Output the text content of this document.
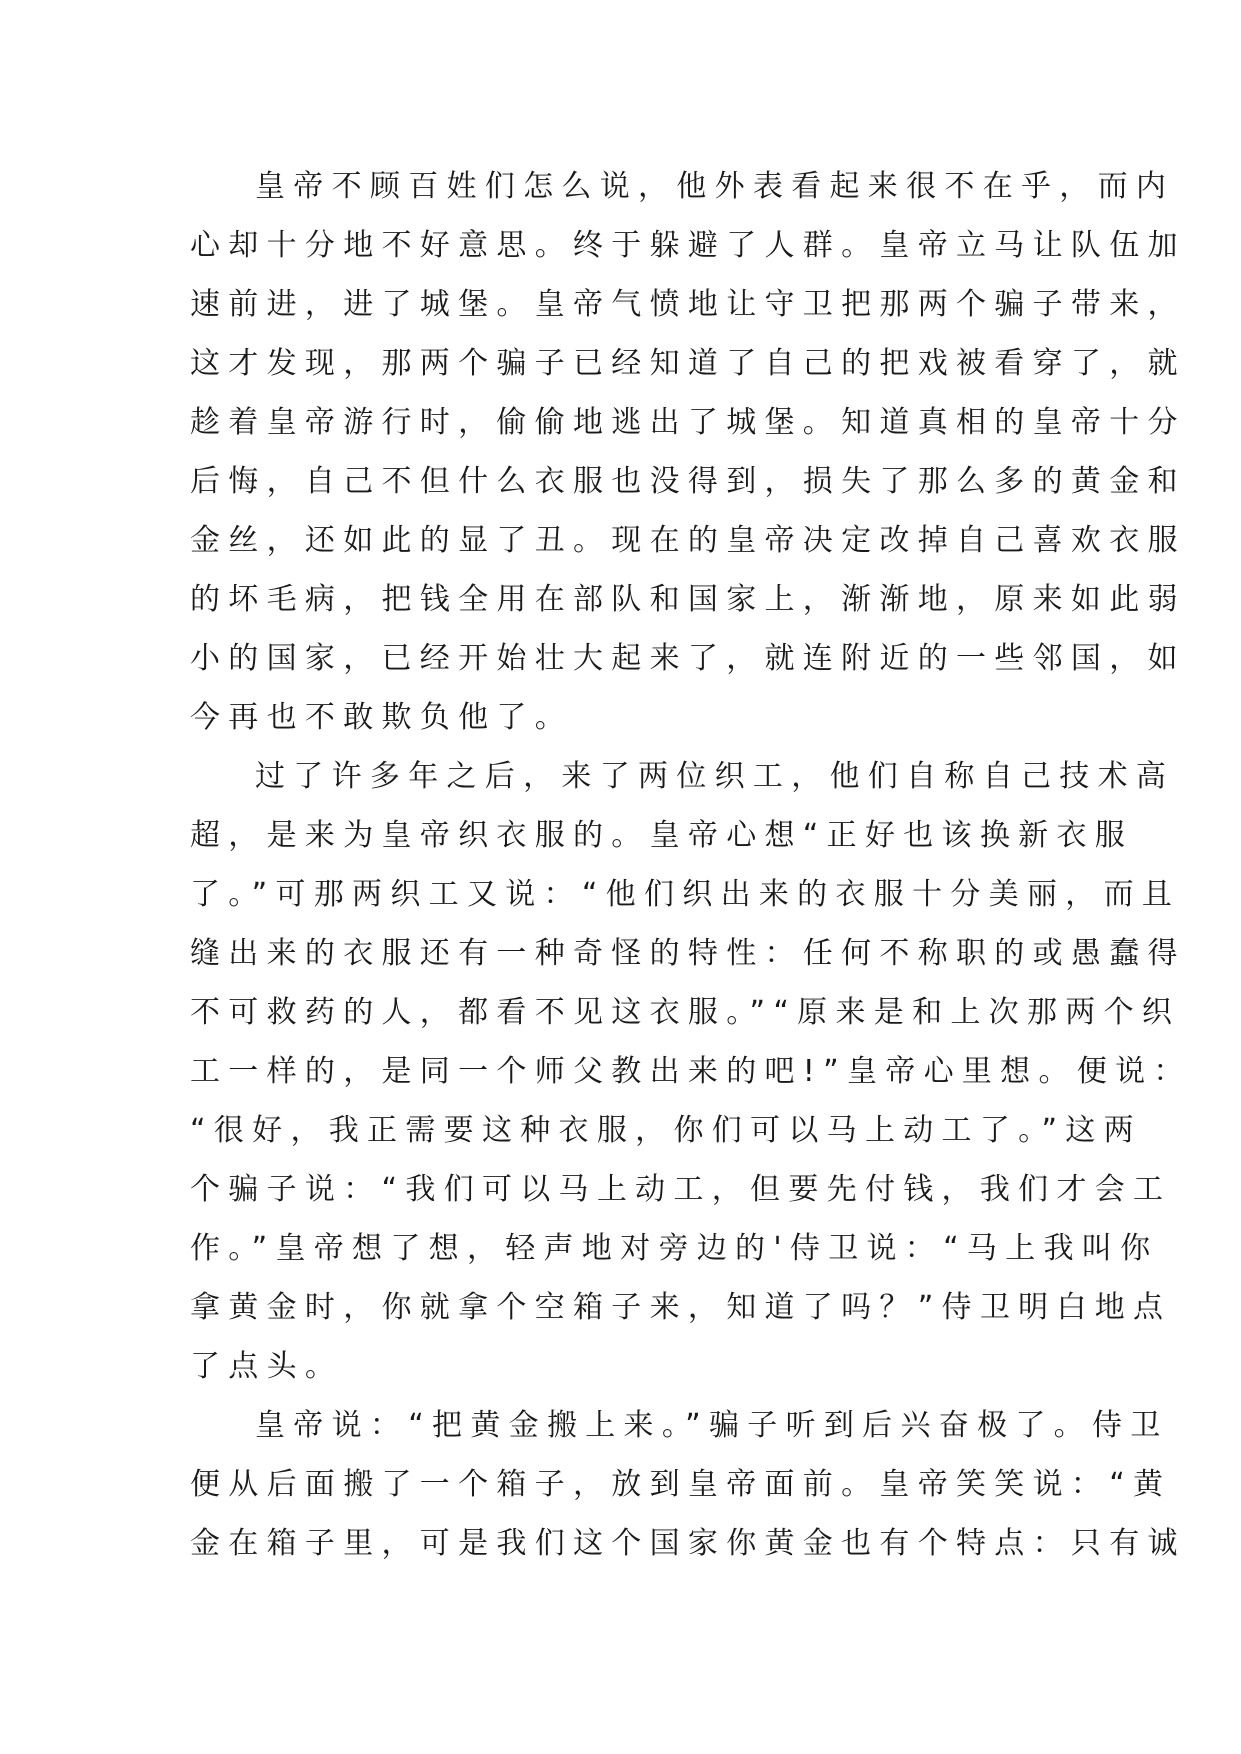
皇帝不顾百姓们怎么说，他外表看起来很不在乎，而内
心却十分地不好意思。终于躲避了人群。皇帝立马让队伍加
速前进，进了城堡。皇帝气愤地让守卫把那两个骗子带来，
这才发现，那两个骗子已经知道了自己的把戏被看穿了，就
趁着皇帝游行时，偷偷地逃出了城堡。知道真相的皇帝十分
后悔，自己不但什么衣服也没得到，损失了那么多的黄金和
金丝，还如此的显了丑。现在的皇帝决定改掉自己喜欢衣服
的坏毛病，把钱全用在部队和国家上，渐渐地，原来如此弱
小的国家，已经开始壮大起来了，就连附近的一些邻国，如
今再也不敢欺负他了。
过了许多年之后，来了两位织工，他们自称自己技术高
超，是来为皇帝织衣服的。皇帝心想“正好也该换新衣服
了。”可那两织工又说：“他们织出来的衣服十分美丽，而且
缝出来的衣服还有一种奇怪的特性：任何不称职的或愚蠢得
不可救药的人，都看不见这衣服。”“原来是和上次那两个织
工一样的，是同一个师父教出来的吧!”皇帝心里想。便说：
“很好，我正需要这种衣服，你们可以马上动工了。”这两
个骗子说：“我们可以马上动工，但要先付钱，我们才会工
作。”皇帝想了想，轻声地对旁边的'侍卫说：“马上我叫你
拿黄金时，你就拿个空箱子来，知道了吗？”侍卫明白地点
了点头。
皇帝说：“把黄金搬上来。”骗子听到后兴奋极了。侍卫
便从后面搬了一个箱子，放到皇帝面前。皇帝笑笑说：“黄
金在箱子里，可是我们这个国家你黄金也有个特点：只有诚
